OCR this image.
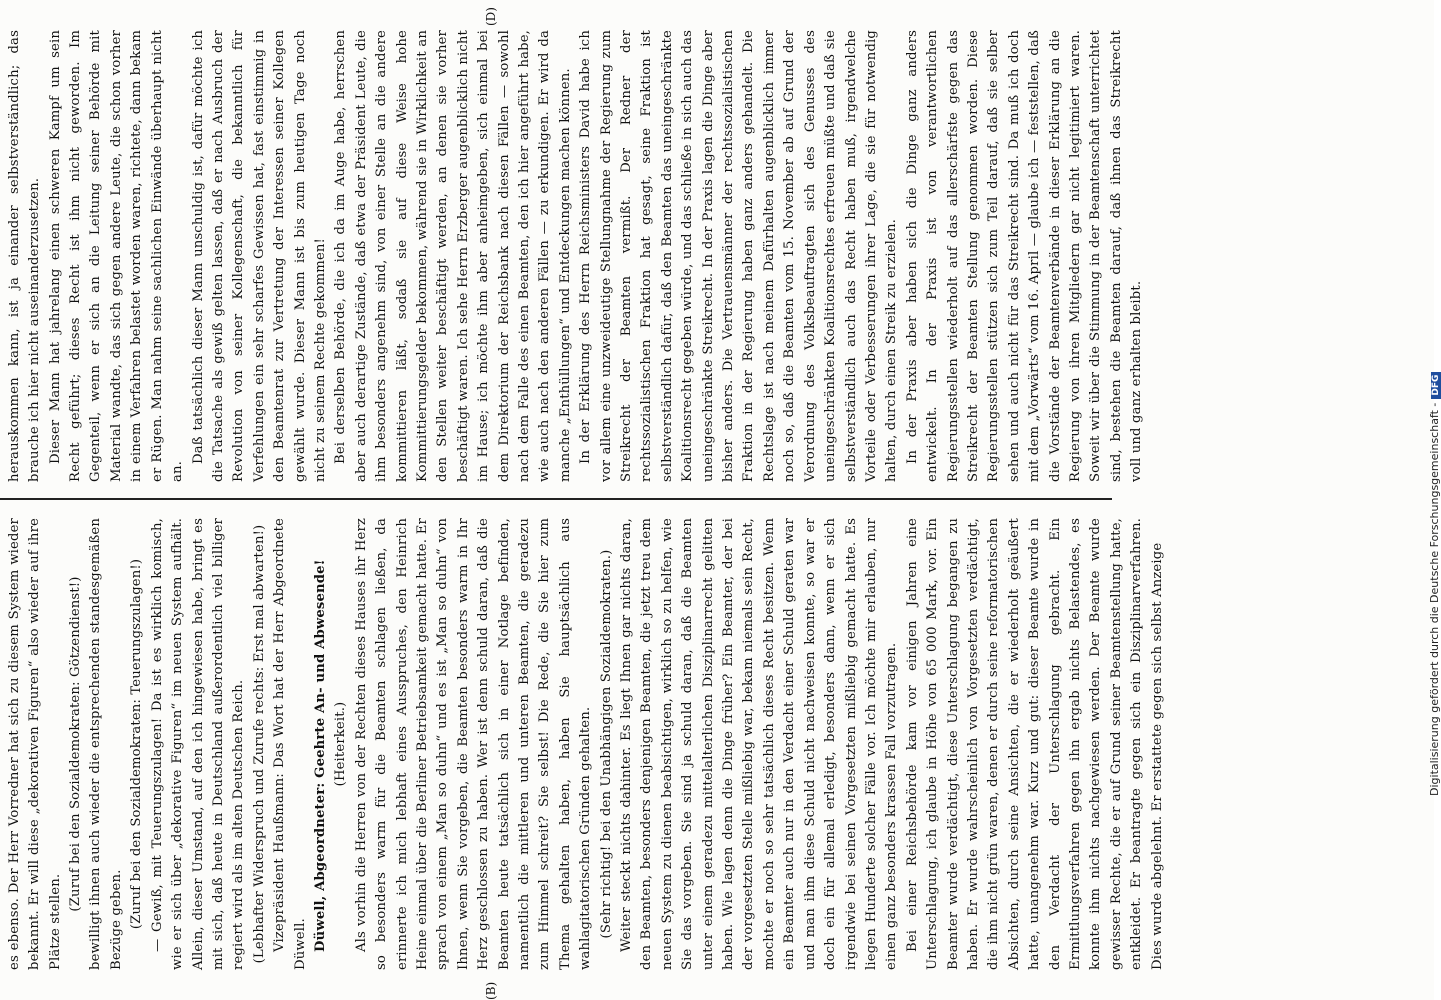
es ebenso. Der Herr Vorredner hat sich zu diesem System wieder bekannt. Er will diese „dekorativen Figuren“ also wieder auf ihre Plätze stellen. (Zuruf bei den Sozialdemokraten: Götzendienst!) bewilligt ihnen auch wieder die entsprechenden standesgemäßen Bezüge geben. (Zuruf bei den Sozialdemokraten: Teuerungszulagen!) — Gewiß, mit Teuerungszulagen! Da ist es wirklich komisch, wie er sich über „dekorative Figuren“ im neuen System aufhält. Allein, dieser Umstand, auf den ich hingewiesen habe, bringt es mit sich, daß heute in Deutschland außerordentlich viel billiger regiert wird als im alten Deutschen Reich. (Lebhafter Widerspruch und Zurufe rechts: Erst mal abwarten!) Vizepräsident Haußmann: Das Wort hat der Herr Abgeordnete Düwell. Düwell, Abgeordneter: Geehrte An- und Abwesende! (Heiterkeit.) Als vorhin die Herren von der Rechten dieses Hauses ihr Herz so besonders warm für die Beamten schlagen ließen, da erinnerte ich mich lebhaft eines Ausspruches, den Heinrich Heine einmal über die Berliner Betriebsamkeit gemacht hatte. Er sprach von einem „Man so duhn“ und es ist „Man so duhn“ von Ihnen, wenn Sie vorgeben, die Beamten besonders warm in Ihr Herz geschlossen zu haben. Wer ist denn schuld daran, daß die Beamten heute tatsächlich sich in einer Notlage befinden, namentlich die mittleren und unteren Beamten, die geradezu zum Himmel schreit? Sie selbst! Die Rede, die Sie hier zum Thema gehalten haben, haben Sie hauptsächlich aus wahlagitatorischen Gründen gehalten. (Sehr richtig! bei den Unabhängigen Sozialdemokraten.) Weiter steckt nichts dahinter. Es liegt Ihnen gar nichts daran, den Beamten, besonders denjenigen Beamten, die jetzt treu dem neuen System zu dienen beabsichtigen, wirklich so zu helfen, wie Sie das vorgeben. Sie sind ja schuld daran, daß die Beamten unter einem geradezu mittelalterlichen Disziplinarrecht gelitten haben. Wie lagen denn die Dinge früher? Ein Beamter, der bei der vorgesetzten Stelle mißliebig war, bekam niemals sein Recht, mochte er noch so sehr tatsächlich dieses Recht besitzen. Wenn ein Beamter auch nur in den Verdacht einer Schuld geraten war und man ihm diese Schuld nicht nachweisen konnte, so war er doch ein für allemal erledigt, besonders dann, wenn er sich irgendwie bei seinen Vorgesetzten mißliebig gemacht hatte. Es liegen Hunderte solcher Fälle vor. Ich möchte mir erlauben, nur einen ganz besonders krassen Fall vorzutragen. Bei einer Reichsbehörde kam vor einigen Jahren eine Unterschlagung, ich glaube in Höhe von 65 000 Mark, vor. Ein Beamter wurde verdächtigt, diese Unterschlagung begangen zu haben. Er wurde wahrscheinlich von Vorgesetzten verdächtigt, die ihm nicht grün waren, denen er durch seine reformatorischen Absichten, durch seine Ansichten, die er wiederholt geäußert hatte, unangenehm war. Kurz und gut: dieser Beamte wurde in den Verdacht der Unterschlagung gebracht. Ein Ermittlungsverfahren gegen ihn ergab nichts Belastendes, es konnte ihm nichts nachgewiesen werden. Der Beamte wurde gewisser Rechte, die er auf Grund seiner Beamtenstellung hatte, entkleidet. Er beantragte gegen sich ein Disziplinarverfahren. Dies wurde abgelehnt. Er erstattete gegen sich selbst Anzeige

herauskommen kann, ist ja einander selbstverständlich; das brauche ich hier nicht auseinanderzusetzen. Dieser Mann hat jahrelang einen schweren Kampf um sein Recht geführt; dieses Recht ist ihm nicht geworden. Im Gegenteil, wenn er sich an die Leitung seiner Behörde mit Material wandte, das sich gegen andere Leute, die schon vorher in einem Verfahren belastet worden waren, richtete, dann bekam er Rügen. Man nahm seine sachlichen Einwände überhaupt nicht an.

Daß tatsächlich dieser Mann unschuldig ist, dafür möchte ich die Tatsache als gewiß gelten lassen, daß er nach Ausbruch der Revolution von seiner Kollegenschaft, die bekanntlich für Verfehlungen ein sehr scharfes Gewissen hat, fast einstimmig in den Beamtenrat zur Vertretung der Interessen seiner Kollegen gewählt wurde. Dieser Mann ist bis zum heutigen Tage noch nicht zu seinem Rechte gekommen! Bei derselben Behörde, die ich da im Auge habe, herrschen aber auch derartige Zustände, daß etwa der Präsident Leute, die ihm besonders angenehm sind, von einer Stelle an die andere kommittieren läßt, sodaß sie auf diese Weise hohe Kommittierungsgelder bekommen, während sie in Wirklichkeit an den Stellen weiter beschäftigt werden, an denen sie vorher beschäftigt waren. Ich sehe Herrn Erzberger augenblicklich nicht im Hause; ich möchte ihm aber anheimgeben, sich einmal bei dem Direktorium der Reichsbank nach diesen Fällen — sowohl nach dem Falle des einen Beamten, den ich hier angeführt habe, wie auch nach den anderen Fällen — zu erkundigen. Er wird da manche „Enthüllungen“ und Entdeckungen machen können. In der Erklärung des Herrn Reichsministers David habe ich vor allem eine unzweideutige Stellungnahme der Regierung zum Streikrecht der Beamten vermißt. Der Redner der rechtssozialistischen Fraktion hat gesagt, seine Fraktion ist selbstverständlich dafür, daß den Beamten das uneingeschränkte Koalitionsrecht gegeben würde, und das schließe in sich auch das uneingeschränkte Streikrecht. In der Praxis lagen die Dinge aber bisher anders. Die Vertrauensmänner der rechtssozialistischen Fraktion in der Regierung haben ganz anders gehandelt. Die Rechtslage ist nach meinem Dafürhalten augenblicklich immer noch so, daß die Beamten vom 15. November ab auf Grund der Verordnung des Volksbeauftragten sich des Genusses des uneingeschränkten Koalitionsrechtes erfreuen müßte und daß sie selbstverständlich auch das Recht haben muß, irgendwelche Vorteile oder Verbesserungen ihrer Lage, die sie für notwendig halten, durch einen Streik zu erzielen. In der Praxis aber haben sich die Dinge ganz anders entwickelt. In der Praxis ist von verantwortlichen Regierungsstellen wiederholt auf das allerschärfste gegen das Streikrecht der Beamten Stellung genommen worden. Diese Regierungsstellen stützen sich zum Teil darauf, daß sie selber sehen und auch nicht für das Streikrecht sind. Da muß ich doch mit dem „Vorwärts“ vom 16. April — glaube ich — feststellen, daß die Vorstände der Beamtenverbände in dieser Erklärung an die Regierung von ihren Mitgliedern gar nicht legitimiert waren. Soweit wir über die Stimmung in der Beamtenschaft unterrichtet sind, bestehen die Beamten darauf, daß ihnen das Streikrecht voll und ganz erhalten bleibt.

(B)
(D)
Digitalisierung gefördert durch die Deutsche Forschungsgemeinschaft -DFG
